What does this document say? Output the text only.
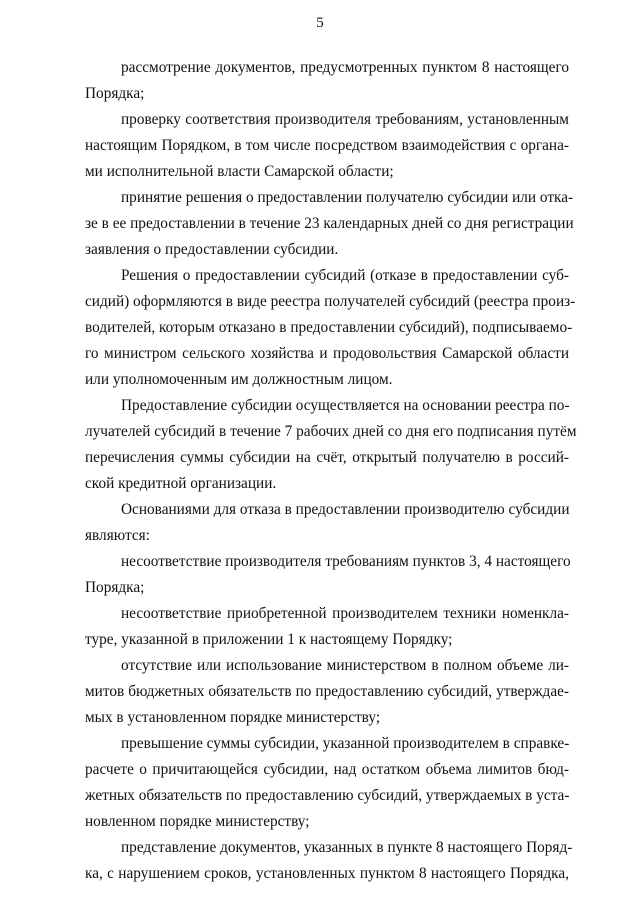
5
рассмотрение документов, предусмотренных пунктом 8 настоящего
Порядка;
проверку соответствия производителя требованиям, установленным
настоящим Порядком, в том числе посредством взаимодействия с органа-
ми исполнительной власти Самарской области;
принятие решения о предоставлении получателю субсидии или отка-
зе в ее предоставлении в течение 23 календарных дней со дня регистрации
заявления о предоставлении субсидии.
Решения о предоставлении субсидий (отказе в предоставлении суб-
сидий) оформляются в виде реестра получателей субсидий (реестра произ-
водителей, которым отказано в предоставлении субсидий), подписываемо-
го министром сельского хозяйства и продовольствия Самарской области
или уполномоченным им должностным лицом.
Предоставление субсидии осуществляется на основании реестра по-
лучателей субсидий в течение 7 рабочих дней со дня его подписания путём
перечисления суммы субсидии на счёт, открытый получателю в россий-
ской кредитной организации.
Основаниями для отказа в предоставлении производителю субсидии
являются:
несоответствие производителя требованиям пунктов 3, 4 настоящего
Порядка;
несоответствие приобретенной производителем техники номенкла-
туре, указанной в приложении 1 к настоящему Порядку;
отсутствие или использование министерством в полном объеме ли-
митов бюджетных обязательств по предоставлению субсидий, утверждае-
мых в установленном порядке министерству;
превышение суммы субсидии, указанной производителем в справке-
расчете о причитающейся субсидии, над остатком объема лимитов бюд-
жетных обязательств по предоставлению субсидий, утверждаемых в уста-
новленном порядке министерству;
представление документов, указанных в пункте 8 настоящего Поряд-
ка, с нарушением сроков, установленных пунктом 8 настоящего Порядка,
